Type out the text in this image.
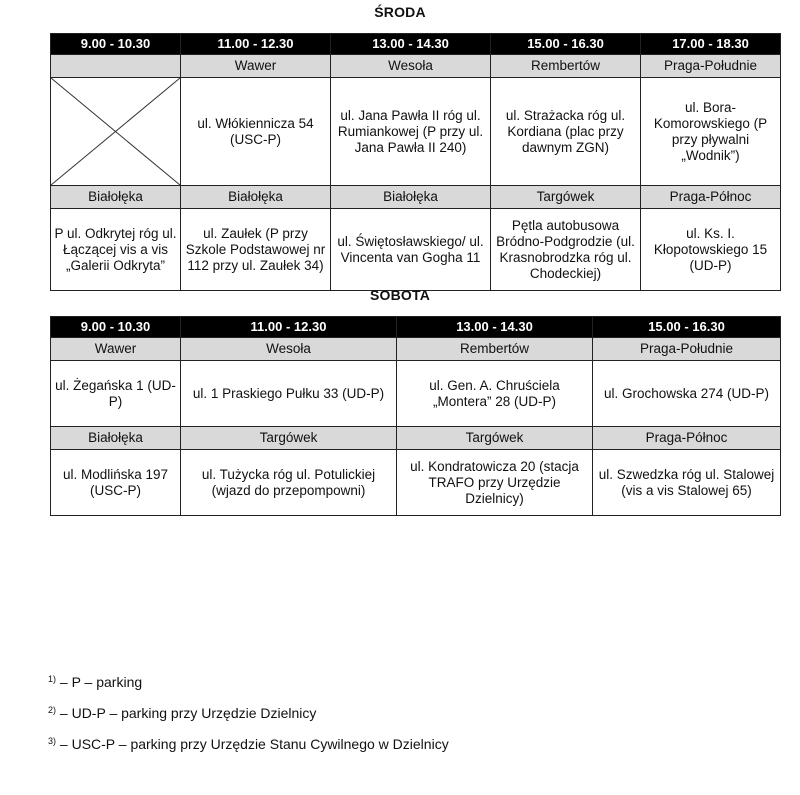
ŚRODA
9.00 - 10.30	11.00 - 12.30	13.00 - 14.30	15.00 - 16.30	17.00 - 18.30
	Wawer	Wesoła	Rembertów	Praga-Południe

	ul. Włókiennicza 54 (USC-P)	ul. Jana Pawła II róg ul. Rumiankowej (P przy ul. Jana Pawła II 240)	ul. Strażacka róg ul. Kordiana (plac przy dawnym ZGN)	ul. Bora-Komorowskiego (P przy pływalni „Wodnik”)
Białołęka	Białołęka	Białołęka	Targówek	Praga-Północ
P ul. Odkrytej róg ul. Łączącej vis a vis „Galerii Odkryta”	ul. Zaułek (P przy Szkole Podstawowej nr 112 przy ul. Zaułek 34)	ul. Świętosławskiego/ ul. Vincenta van Gogha 11	Pętla autobusowa Bródno-Podgrodzie (ul. Krasnobrodzka róg ul. Chodeckiej)	ul. Ks. I. Kłopotowskiego 15 (UD-P)
SOBOTA
9.00 - 10.30	11.00 - 12.30	13.00 - 14.30	15.00 - 16.30
Wawer	Wesoła	Rembertów	Praga-Południe
ul. Żegańska 1 (UD-P)	ul. 1 Praskiego Pułku 33 (UD-P)	ul. Gen. A. Chruściela „Montera” 28 (UD-P)	ul. Grochowska 274 (UD-P)
Białołęka	Targówek	Targówek	Praga-Północ
ul. Modlińska 197 (USC-P)	ul. Tużycka róg ul. Potulickiej (wjazd do przepompowni)	ul. Kondratowicza 20 (stacja TRAFO przy Urzędzie Dzielnicy)	ul. Szwedzka róg ul. Stalowej (vis a vis Stalowej 65)
$^{1)}$ – P – parking
$^{2)}$ – UD-P – parking przy Urzędzie Dzielnicy
$^{3)}$ – USC-P – parking przy Urzędzie Stanu Cywilnego w Dzielnicy
